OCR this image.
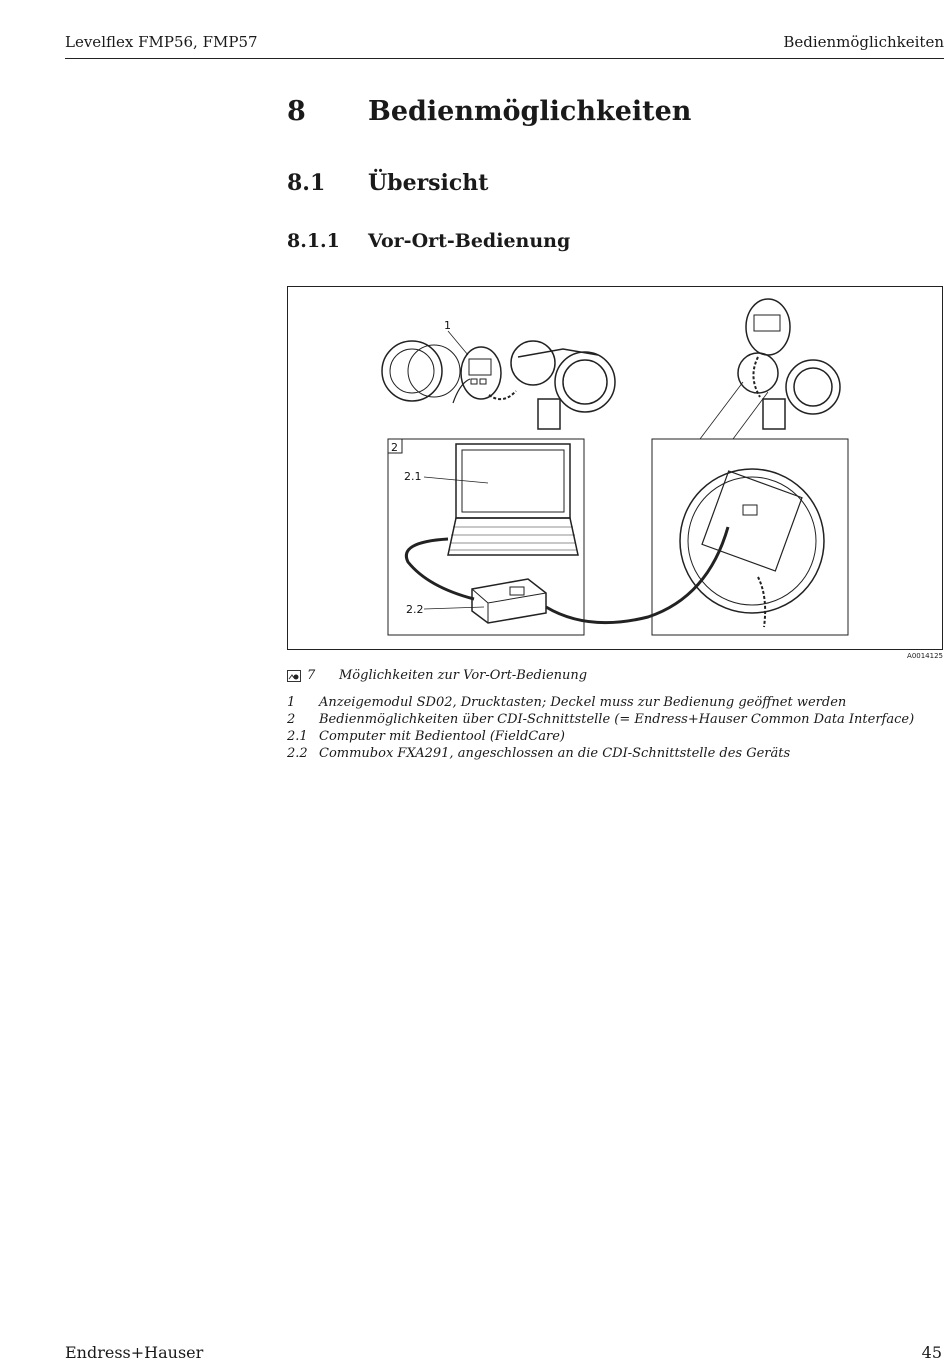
Levelflex FMP56, FMP57	Bedienmöglichkeiten
8 Bedienmöglichkeiten
8.1 Übersicht
8.1.1 Vor-Ort-Bedienung
1
2
2.1
2.2
A0014125
7 Möglichkeiten zur Vor-Ort-Bedienung
1 Anzeigemodul SD02, Drucktasten; Deckel muss zur Bedienung geöffnet werden
2 Bedienmöglichkeiten über CDI-Schnittstelle (= Endress+Hauser Common Data Interface)
2.1 Computer mit Bedientool (FieldCare)
2.2 Commubox FXA291, angeschlossen an die CDI-Schnittstelle des Geräts
Endress+Hauser	45
